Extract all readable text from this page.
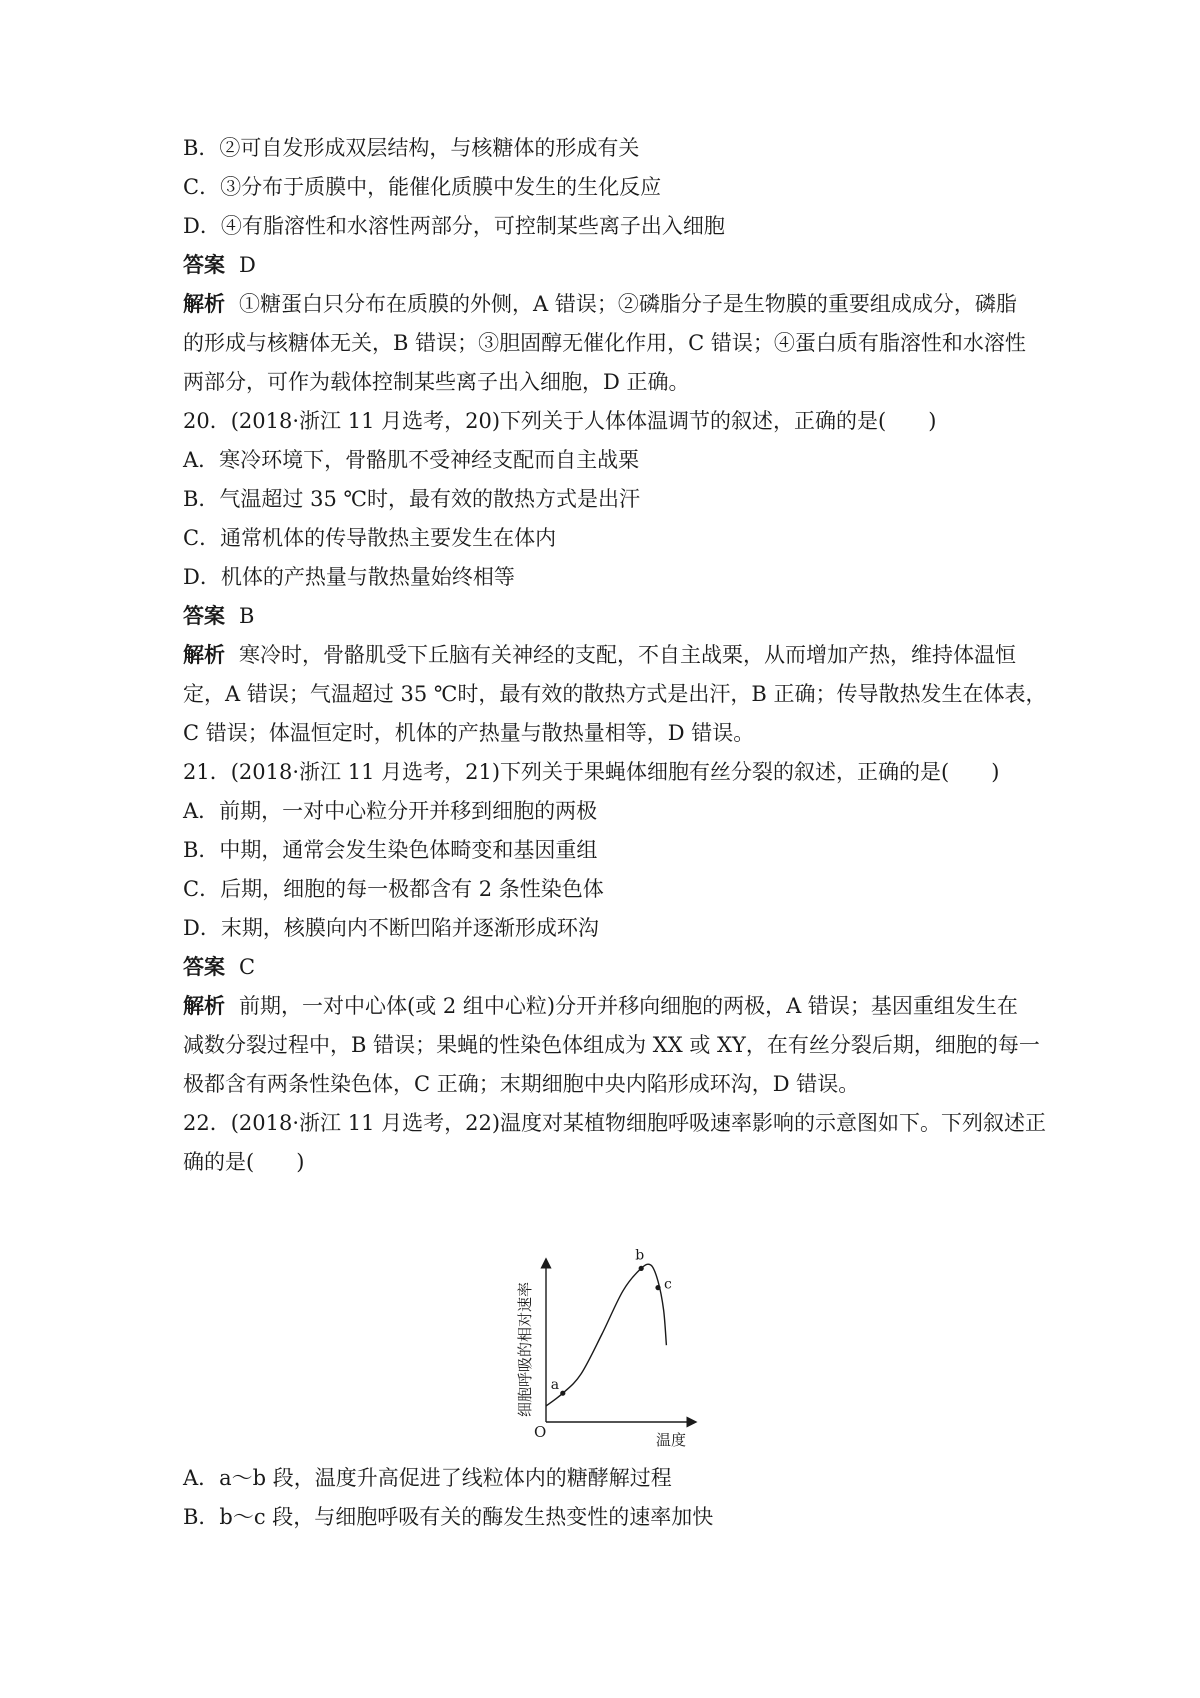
B．②可自发形成双层结构，与核糖体的形成有关
C．③分布于质膜中，能催化质膜中发生的生化反应
D．④有脂溶性和水溶性两部分，可控制某些离子出入细胞
答案 D
解析 ①糖蛋白只分布在质膜的外侧，A 错误；②磷脂分子是生物膜的重要组成成分，磷脂
的形成与核糖体无关，B 错误；③胆固醇无催化作用，C 错误；④蛋白质有脂溶性和水溶性
两部分，可作为载体控制某些离子出入细胞，D 正确。
20．(2018·浙江 11 月选考，20)下列关于人体体温调节的叙述，正确的是(　　)
A．寒冷环境下，骨骼肌不受神经支配而自主战栗
B．气温超过 35 ℃时，最有效的散热方式是出汗
C．通常机体的传导散热主要发生在体内
D．机体的产热量与散热量始终相等
答案 B
解析 寒冷时，骨骼肌受下丘脑有关神经的支配，不自主战栗，从而增加产热，维持体温恒
定，A 错误；气温超过 35 ℃时，最有效的散热方式是出汗，B 正确；传导散热发生在体表，
C 错误；体温恒定时，机体的产热量与散热量相等，D 错误。
21．(2018·浙江 11 月选考，21)下列关于果蝇体细胞有丝分裂的叙述，正确的是(　　)
A．前期，一对中心粒分开并移到细胞的两极
B．中期，通常会发生染色体畸变和基因重组
C．后期，细胞的每一极都含有 2 条性染色体
D．末期，核膜向内不断凹陷并逐渐形成环沟
答案 C
解析 前期，一对中心体(或 2 组中心粒)分开并移向细胞的两极，A 错误；基因重组发生在
减数分裂过程中，B 错误；果蝇的性染色体组成为 XX 或 XY，在有丝分裂后期，细胞的每一
极都含有两条性染色体，C 正确；末期细胞中央内陷形成环沟，D 错误。
22．(2018·浙江 11 月选考，22)温度对某植物细胞呼吸速率影响的示意图如下。下列叙述正
确的是(　　)
O	温度
细胞呼吸的相对速率 a
b
c
A．a～b 段，温度升高促进了线粒体内的糖酵解过程
B．b～c 段，与细胞呼吸有关的酶发生热变性的速率加快
